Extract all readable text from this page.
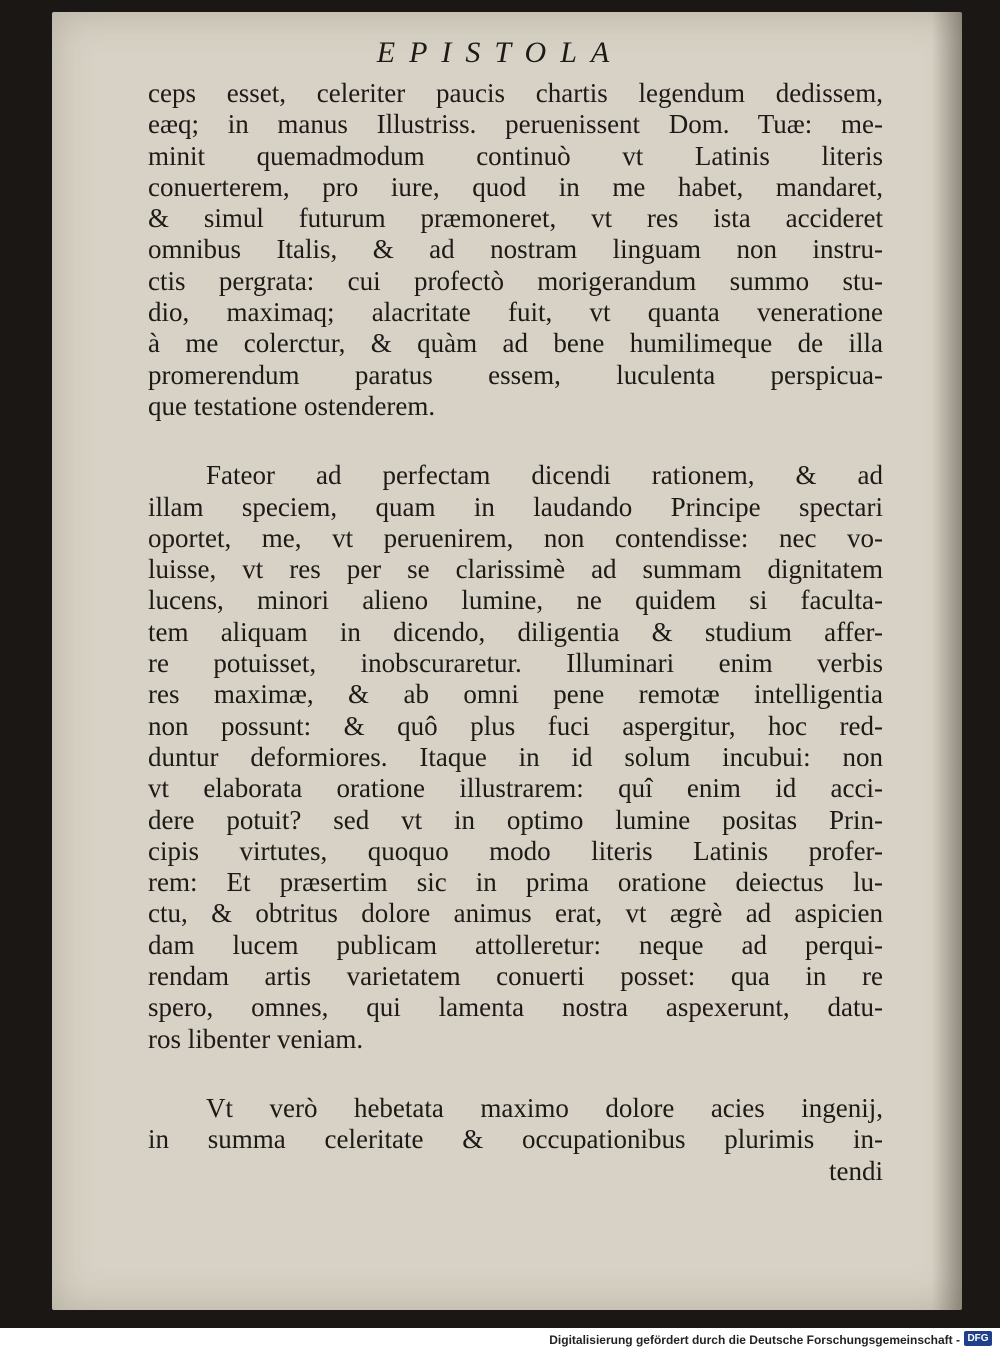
EPISTOLA
ceps esset, celeriter paucis chartis legendum dedissem,
eæq; in manus Illustriss. peruenissent Dom. Tuæ: me-
minit quemadmodum continuò vt Latinis literis
conuerterem, pro iure, quod in me habet, mandaret,
& simul futurum præmoneret, vt res ista accideret
omnibus Italis, & ad nostram linguam non instru-
ctis pergrata: cui profectò morigerandum summo stu-
dio, maximaq; alacritate fuit, vt quanta veneratione
à me colerctur, & quàm ad bene humilimeque de illa
promerendum paratus essem, luculenta perspicua-
que testatione ostenderem.
Fateor ad perfectam dicendi rationem, & ad
illam speciem, quam in laudando Principe spectari
oportet, me, vt peruenirem, non contendisse: nec vo-
luisse, vt res per se clarissimè ad summam dignitatem
lucens, minori alieno lumine, ne quidem si faculta-
tem aliquam in dicendo, diligentia & studium affer-
re potuisset, inobscuraretur. Illuminari enim verbis
res maximæ, & ab omni pene remotæ intelligentia
non possunt: & quô plus fuci aspergitur, hoc red-
duntur deformiores. Itaque in id solum incubui: non
vt elaborata oratione illustrarem: quî enim id acci-
dere potuit? sed vt in optimo lumine positas Prin-
cipis virtutes, quoquo modo literis Latinis profer-
rem: Et præsertim sic in prima oratione deiectus lu-
ctu, & obtritus dolore animus erat, vt ægrè ad aspicien
dam lucem publicam attolleretur: neque ad perqui-
rendam artis varietatem conuerti posset: qua in re
spero, omnes, qui lamenta nostra aspexerunt, datu-
ros libenter veniam.
Vt verò hebetata maximo dolore acies ingenij,
in summa celeritate & occupationibus plurimis in-
tendi
Digitalisierung gefördert durch die Deutsche Forschungsgemeinschaft - DFG
